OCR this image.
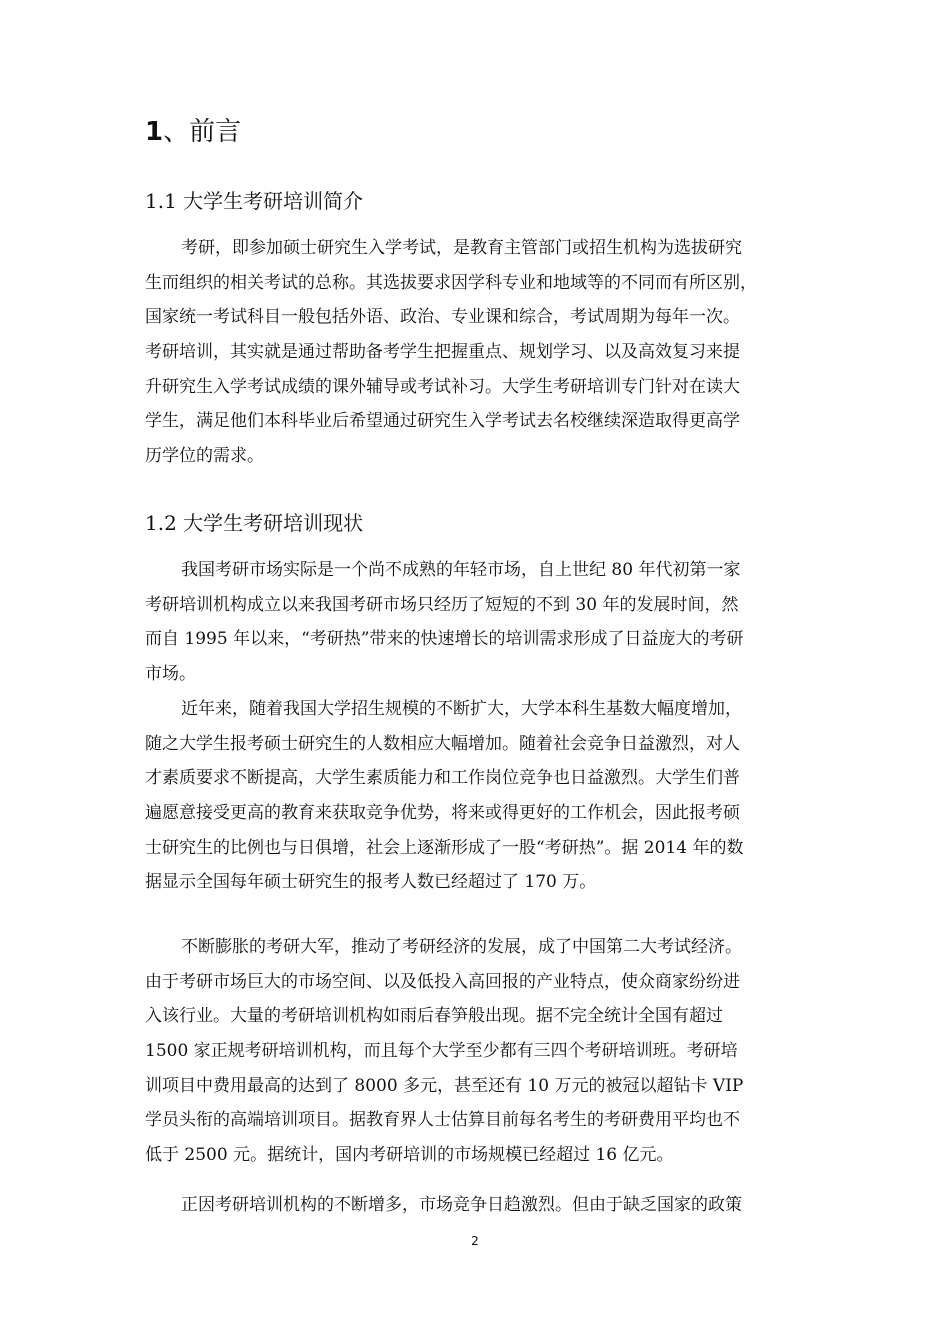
1、前言
1.1 大学生考研培训简介
考研，即参加硕士研究生入学考试，是教育主管部门或招生机构为选拔研究
生而组织的相关考试的总称。其选拔要求因学科专业和地域等的不同而有所区别，
国家统一考试科目一般包括外语、政治、专业课和综合，考试周期为每年一次。
考研培训，其实就是通过帮助备考学生把握重点、规划学习、以及高效复习来提
升研究生入学考试成绩的课外辅导或考试补习。大学生考研培训专门针对在读大
学生，满足他们本科毕业后希望通过研究生入学考试去名校继续深造取得更高学
历学位的需求。
1.2 大学生考研培训现状
我国考研市场实际是一个尚不成熟的年轻市场，自上世纪 80 年代初第一家
考研培训机构成立以来我国考研市场只经历了短短的不到 30 年的发展时间，然
而自 1995 年以来，“考研热”带来的快速增长的培训需求形成了日益庞大的考研
市场。
近年来，随着我国大学招生规模的不断扩大，大学本科生基数大幅度增加，
随之大学生报考硕士研究生的人数相应大幅增加。随着社会竞争日益激烈，对人
才素质要求不断提高，大学生素质能力和工作岗位竞争也日益激烈。大学生们普
遍愿意接受更高的教育来获取竞争优势，将来或得更好的工作机会，因此报考硕
士研究生的比例也与日俱增，社会上逐渐形成了一股“考研热”。据 2014 年的数
据显示全国每年硕士研究生的报考人数已经超过了 170 万。
不断膨胀的考研大军，推动了考研经济的发展，成了中国第二大考试经济。
由于考研市场巨大的市场空间、以及低投入高回报的产业特点，使众商家纷纷进
入该行业。大量的考研培训机构如雨后春笋般出现。据不完全统计全国有超过
1500 家正规考研培训机构，而且每个大学至少都有三四个考研培训班。考研培
训项目中费用最高的达到了 8000 多元，甚至还有 10 万元的被冠以超钻卡 VIP
学员头衔的高端培训项目。据教育界人士估算目前每名考生的考研费用平均也不
低于 2500 元。据统计，国内考研培训的市场规模已经超过 16 亿元。
正因考研培训机构的不断增多，市场竞争日趋激烈。但由于缺乏国家的政策
2
